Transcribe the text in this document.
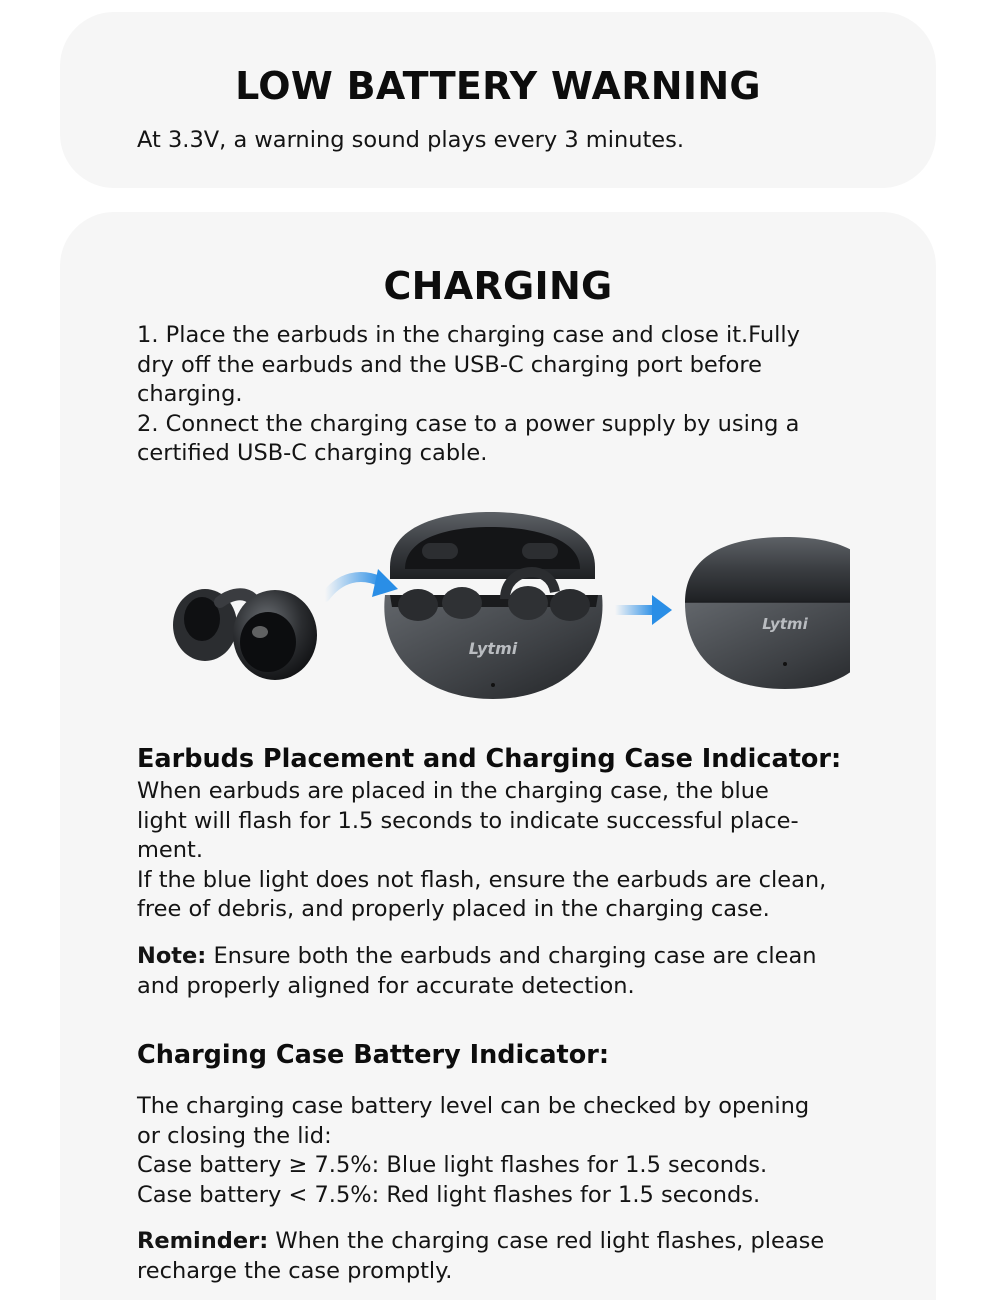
LOW BATTERY WARNING

At 3.3V, a warning sound plays every 3 minutes.

CHARGING
1. Place the earbuds in the charging case and close it.Fully
dry off the earbuds and the USB-C charging port before
charging.
2. Connect the charging case to a power supply by using a
certified USB-C charging cable.
Lytmi
Lytmi
Earbuds Placement and Charging Case Indicator:
When earbuds are placed in the charging case, the blue
light will flash for 1.5 seconds to indicate successful place-
ment.
If the blue light does not flash, ensure the earbuds are clean,
free of debris, and properly placed in the charging case.
Note: Ensure both the earbuds and charging case are clean
and properly aligned for accurate detection.
Charging Case Battery Indicator:
The charging case battery level can be checked by opening
or closing the lid:
Case battery ≥ 7.5%: Blue light flashes for 1.5 seconds.
Case battery < 7.5%: Red light flashes for 1.5 seconds.
Reminder: When the charging case red light flashes, please
recharge the case promptly.
